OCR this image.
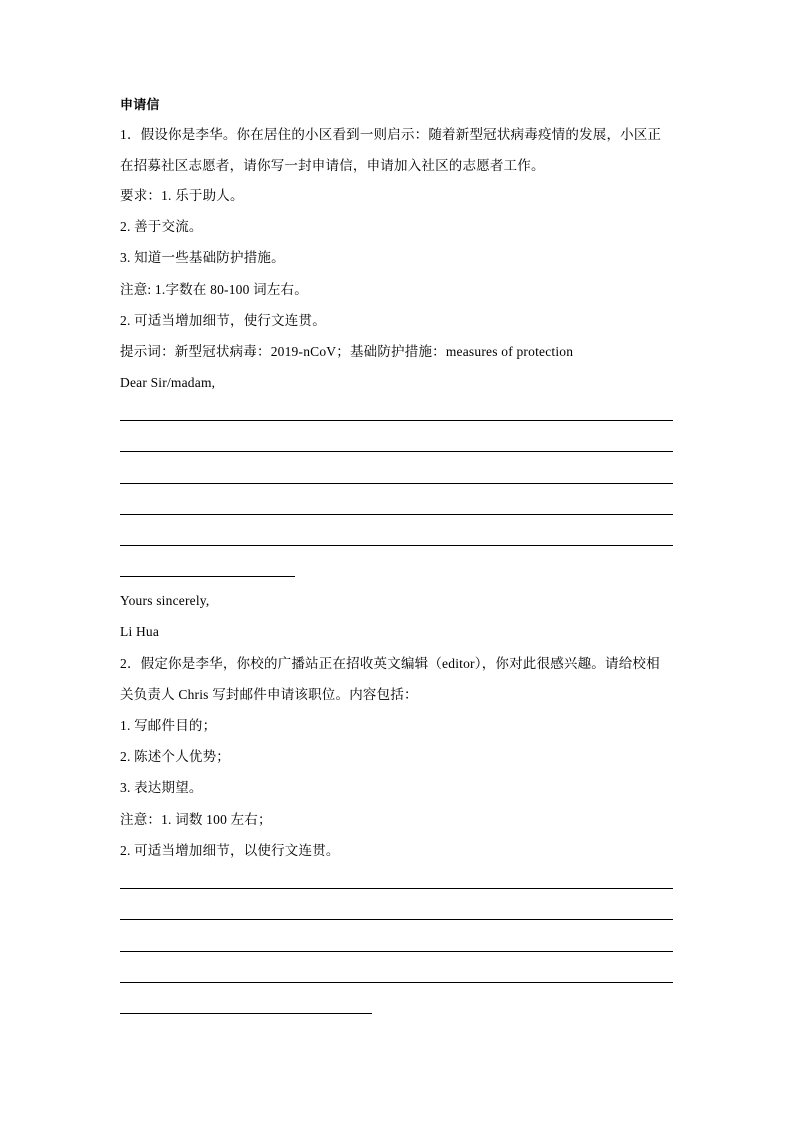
申请信
1．假设你是李华。你在居住的小区看到一则启示：随着新型冠状病毒疫情的发展，小区正
在招募社区志愿者，请你写一封申请信，申请加入社区的志愿者工作。
要求：1. 乐于助人。
2. 善于交流。
3. 知道一些基础防护措施。
注意: 1.字数在 80-100 词左右。
2. 可适当增加细节，使行文连贯。
提示词：新型冠状病毒：2019-nCoV；基础防护措施：measures of protection
Dear Sir/madam,
Yours sincerely,
Li Hua
2．假定你是李华，你校的广播站正在招收英文编辑（editor），你对此很感兴趣。请给校相
关负责人 Chris 写封邮件申请该职位。内容包括：
1. 写邮件目的；
2. 陈述个人优势；
3. 表达期望。
注意：1. 词数 100 左右；
2. 可适当增加细节，以使行文连贯。
